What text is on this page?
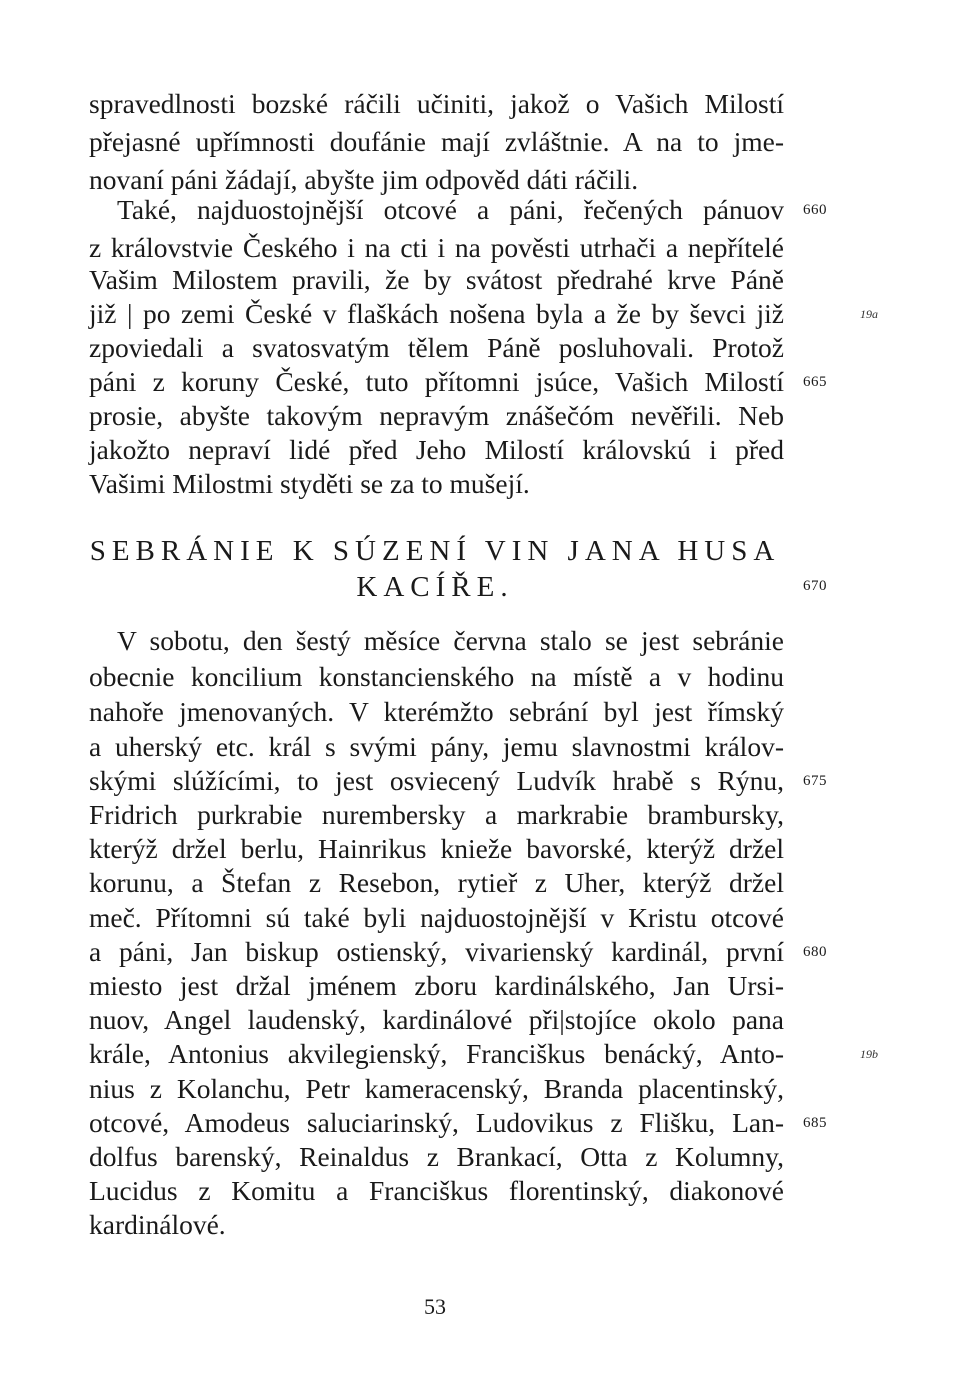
spravedlnosti bozské ráčili učiniti, jakož o Vašich Milostí
přejasné upřímnosti doufánie mají zvláštnie. A na to jme-
novaní páni žádají, abyšte jim odpověd dáti ráčili.
Také, najduostojnější otcové a páni, řečených pánuov
z královstvie Českého i na cti i na pověsti utrhači a nepřítelé
Vašim Milostem pravili, že by svátost předrahé krve Páně
již | po zemi České v flaškách nošena byla a že by ševci již
zpoviedali a svatosvatým tělem Páně posluhovali. Protož
páni z koruny České, tuto přítomni jsúce, Vašich Milostí
prosie, abyšte takovým nepravým znášečóm nevěřili. Neb
jakožto nepraví lidé před Jeho Milostí královskú i před
Vašimi Milostmi styděti se za to mušejí.
SEBRÁNIE K SÚZENÍ VIN JANA HUSA
KACÍŘE.
V sobotu, den šestý měsíce června stalo se jest sebránie
obecnie koncilium konstancienského na místě a v hodinu
nahoře jmenovaných. V kterémžto sebrání byl jest římský
a uherský etc. král s svými pány, jemu slavnostmi králov-
skými slúžícími, to jest osviecený Ludvík hrabě s Rýnu,
Fridrich purkrabie nurembersky a markrabie brambursky,
kterýž držel berlu, Hainrikus knieže bavorské, kterýž držel
korunu, a Štefan z Resebon, rytieř z Uher, kterýž držel
meč. Přítomni sú také byli najduostojnější v Kristu otcové
a páni, Jan biskup ostienský, vivarienský kardinál, první
miesto jest držal jménem zboru kardinálského, Jan Ursi-
nuov, Angel laudenský, kardinálové při|stojíce okolo pana
krále, Antonius akvilegienský, Franciškus benácký, Anto-
nius z Kolanchu, Petr kameracenský, Branda placentinský,
otcové, Amodeus saluciarinský, Ludovikus z Flišku, Lan-
dolfus barenský, Reinaldus z Brankací, Otta z Kolumny,
Lucidus z Komitu a Franciškus florentinský, diakonové
kardinálové.
660
665
670
675
680
685
19a
19b
53
